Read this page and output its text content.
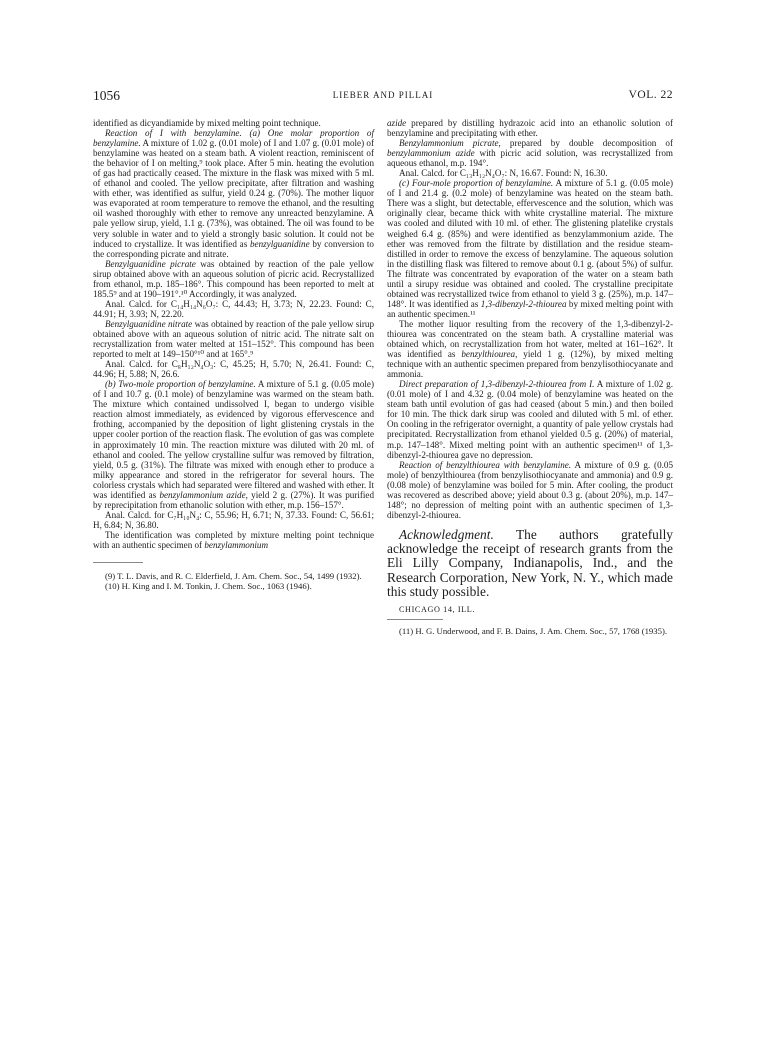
1056	LIEBER AND PILLAI	VOL. 22

identified as dicyandiamide by mixed melting point technique.

Reaction of I with benzylamine. (a) One molar proportion of benzylamine. A mixture of 1.02 g. (0.01 mole) of I and 1.07 g. (0.01 mole) of benzylamine was heated on a steam bath. A violent reaction, reminiscent of the behavior of I on melting,⁹ took place. After 5 min. heating the evolution of gas had practically ceased. The mixture in the flask was mixed with 5 ml. of ethanol and cooled. The yellow precipitate, after filtration and washing with ether, was identified as sulfur, yield 0.24 g. (70%). The mother liquor was evaporated at room temperature to remove the ethanol, and the resulting oil washed thoroughly with ether to remove any unreacted benzylamine. A pale yellow sirup, yield, 1.1 g. (73%), was obtained. The oil was found to be very soluble in water and to yield a strongly basic solution. It could not be induced to crystallize. It was identified as benzylguanidine by conversion to the corresponding picrate and nitrate.

Benzylguanidine picrate was obtained by reaction of the pale yellow sirup obtained above with an aqueous solution of picric acid. Recrystallized from ethanol, m.p. 185–186°. This compound has been reported to melt at 185.5⁹ and at 190–191°.¹⁰ Accordingly, it was analyzed.

Anal. Calcd. for C₁₄H₁₄N₆O₇: C, 44.43; H, 3.73; N, 22.23. Found: C, 44.91; H, 3.93; N, 22.20.

Benzylguanidine nitrate was obtained by reaction of the pale yellow sirup obtained above with an aqueous solution of nitric acid. The nitrate salt on recrystallization from water melted at 151–152°. This compound has been reported to melt at 149–150°¹⁰ and at 165°.⁹

Anal. Calcd. for C₈H₁₂N₄O₃: C, 45.25; H, 5.70; N, 26.41. Found: C, 44.96; H, 5.88; N, 26.6.

(b) Two-mole proportion of benzylamine. A mixture of 5.1 g. (0.05 mole) of I and 10.7 g. (0.1 mole) of benzylamine was warmed on the steam bath. The mixture which contained undissolved I, began to undergo visible reaction almost immediately, as evidenced by vigorous effervescence and frothing, accompanied by the deposition of light glistening crystals in the upper cooler portion of the reaction flask. The evolution of gas was complete in approximately 10 min. The reaction mixture was diluted with 20 ml. of ethanol and cooled. The yellow crystalline sulfur was removed by filtration, yield, 0.5 g. (31%). The filtrate was mixed with enough ether to produce a milky appearance and stored in the refrigerator for several hours. The colorless crystals which had separated were filtered and washed with ether. It was identified as benzylammonium azide, yield 2 g. (27%). It was purified by reprecipitation from ethanolic solution with ether, m.p. 156–157°.

Anal. Calcd. for C₇H₁₀N₄: C, 55.96; H, 6.71; N, 37.33. Found: C, 56.61; H, 6.84; N, 36.80.

The identification was completed by mixture melting point technique with an authentic specimen of benzylammonium

(9) T. L. Davis, and R. C. Elderfield, J. Am. Chem. Soc., 54, 1499 (1932).

(10) H. King and I. M. Tonkin, J. Chem. Soc., 1063 (1946).

azide prepared by distilling hydrazoic acid into an ethanolic solution of benzylamine and precipitating with ether.

Benzylammonium picrate, prepared by double decomposition of benzylammonium azide with picric acid solution, was recrystallized from aqueous ethanol, m.p. 194°.

Anal. Calcd. for C₁₃H₁₂N₄O₇: N, 16.67. Found: N, 16.30.

(c) Four-mole proportion of benzylamine. A mixture of 5.1 g. (0.05 mole) of I and 21.4 g. (0.2 mole) of benzylamine was heated on the steam bath. There was a slight, but detectable, effervescence and the solution, which was originally clear, became thick with white crystalline material. The mixture was cooled and diluted with 10 ml. of ether. The glistening platelike crystals weighed 6.4 g. (85%) and were identified as benzylammonium azide. The ether was removed from the filtrate by distillation and the residue steam-distilled in order to remove the excess of benzylamine. The aqueous solution in the distilling flask was filtered to remove about 0.1 g. (about 5%) of sulfur. The filtrate was concentrated by evaporation of the water on a steam bath until a sirupy residue was obtained and cooled. The crystalline precipitate obtained was recrystallized twice from ethanol to yield 3 g. (25%), m.p. 147–148°. It was identified as 1,3-dibenzyl-2-thiourea by mixed melting point with an authentic specimen.¹¹

The mother liquor resulting from the recovery of the 1,3-dibenzyl-2-thiourea was concentrated on the steam bath. A crystalline material was obtained which, on recrystallization from hot water, melted at 161–162°. It was identified as benzylthiourea, yield 1 g. (12%), by mixed melting technique with an authentic specimen prepared from benzylisothiocyanate and ammonia.

Direct preparation of 1,3-dibenzyl-2-thiourea from I. A mixture of 1.02 g. (0.01 mole) of I and 4.32 g. (0.04 mole) of benzylamine was heated on the steam bath until evolution of gas had ceased (about 5 min.) and then boiled for 10 min. The thick dark sirup was cooled and diluted with 5 ml. of ether. On cooling in the refrigerator overnight, a quantity of pale yellow crystals had precipitated. Recrystallization from ethanol yielded 0.5 g. (20%) of material, m.p. 147–148°. Mixed melting point with an authentic specimen¹¹ of 1,3-dibenzyl-2-thiourea gave no depression.

Reaction of benzylthiourea with benzylamine. A mixture of 0.9 g. (0.05 mole) of benzylthiourea (from benzylisothiocyanate and ammonia) and 0.9 g. (0.08 mole) of benzylamine was boiled for 5 min. After cooling, the product was recovered as described above; yield about 0.3 g. (about 20%), m.p. 147–148°; no depression of melting point with an authentic specimen of 1,3-dibenzyl-2-thiourea.

Acknowledgment. The authors gratefully acknowledge the receipt of research grants from the Eli Lilly Company, Indianapolis, Ind., and the Research Corporation, New York, N. Y., which made this study possible.

CHICAGO 14, ILL.

(11) H. G. Underwood, and F. B. Dains, J. Am. Chem. Soc., 57, 1768 (1935).
